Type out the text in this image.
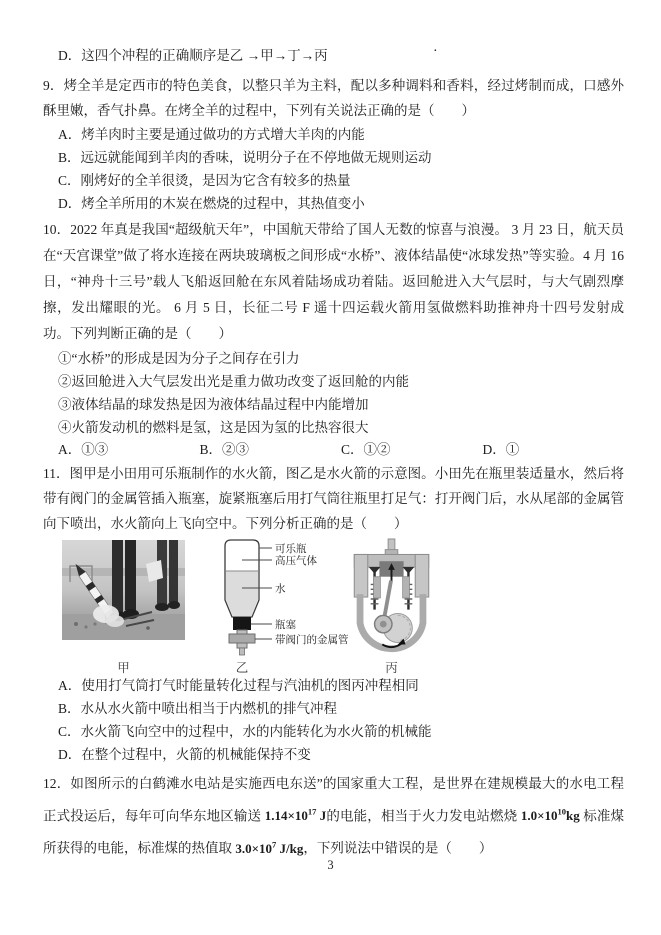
·

D．这四个冲程的正确顺序是乙 →甲→丁→丙

9．烤全羊是定西市的特色美食，以整只羊为主料，配以多种调料和香料，经过烤制而成，口感外酥里嫩，香气扑鼻。在烤全羊的过程中，下列有关说法正确的是（　　）

A．烤羊肉时主要是通过做功的方式增大羊肉的内能

B．远远就能闻到羊肉的香味，说明分子在不停地做无规则运动

C．刚烤好的全羊很烫，是因为它含有较多的热量

D．烤全羊所用的木炭在燃烧的过程中，其热值变小

10．2022 年真是我国“超级航天年”，中国航天带给了国人无数的惊喜与浪漫。 3 月 23 日，航天员在“天宫课堂”做了将水连接在两块玻璃板之间形成“水桥”、液体结晶使“冰球发热”等实验。4 月 16 日，“神舟十三号”载人飞船返回舱在东风着陆场成功着陆。返回舱进入大气层时，与大气剧烈摩擦，发出耀眼的光。 6 月 5 日，长征二号 F 遥十四运载火箭用氢做燃料助推神舟十四号发射成功。下列判断正确的是（　　）

①“水桥”的形成是因为分子之间存在引力

②返回舱进入大气层发出光是重力做功改变了返回舱的内能

③液体结晶的球发热是因为液体结晶过程中内能增加

④火箭发动机的燃料是氢，这是因为氢的比热容很大

A．①③	B．②③	C．①②	D．①

11．图甲是小田用可乐瓶制作的水火箭，图乙是水火箭的示意图。小田先在瓶里装适量水，然后将带有阀门的金属管插入瓶塞，旋紧瓶塞后用打气筒往瓶里打足气：打开阀门后，水从尾部的金属管向下喷出，水火箭向上飞向空中。下列分析正确的是（　　）

可乐瓶
高压气体
水
瓶塞
带阀门的金属管
甲	乙	丙

A．使用打气筒打气时能量转化过程与汽油机的图丙冲程相同

B．水从水火箭中喷出相当于内燃机的排气冲程

C．水火箭飞向空中的过程中，水的内能转化为水火箭的机械能

D．在整个过程中，火箭的机械能保持不变

12．如图所示的白鹤滩水电站是实施西电东送”的国家重大工程，是世界在建规模最大的水电工程正式投运后，每年可向华东地区输送 $1.14\times 10^{17}$ J的电能，相当于火力发电站燃烧 $1.0\times 10^{10}kg$ 标准煤所获得的电能，标准煤的热值取 $3.0\times 10^7$ J/kg，下列说法中错误的是（　　）

3
